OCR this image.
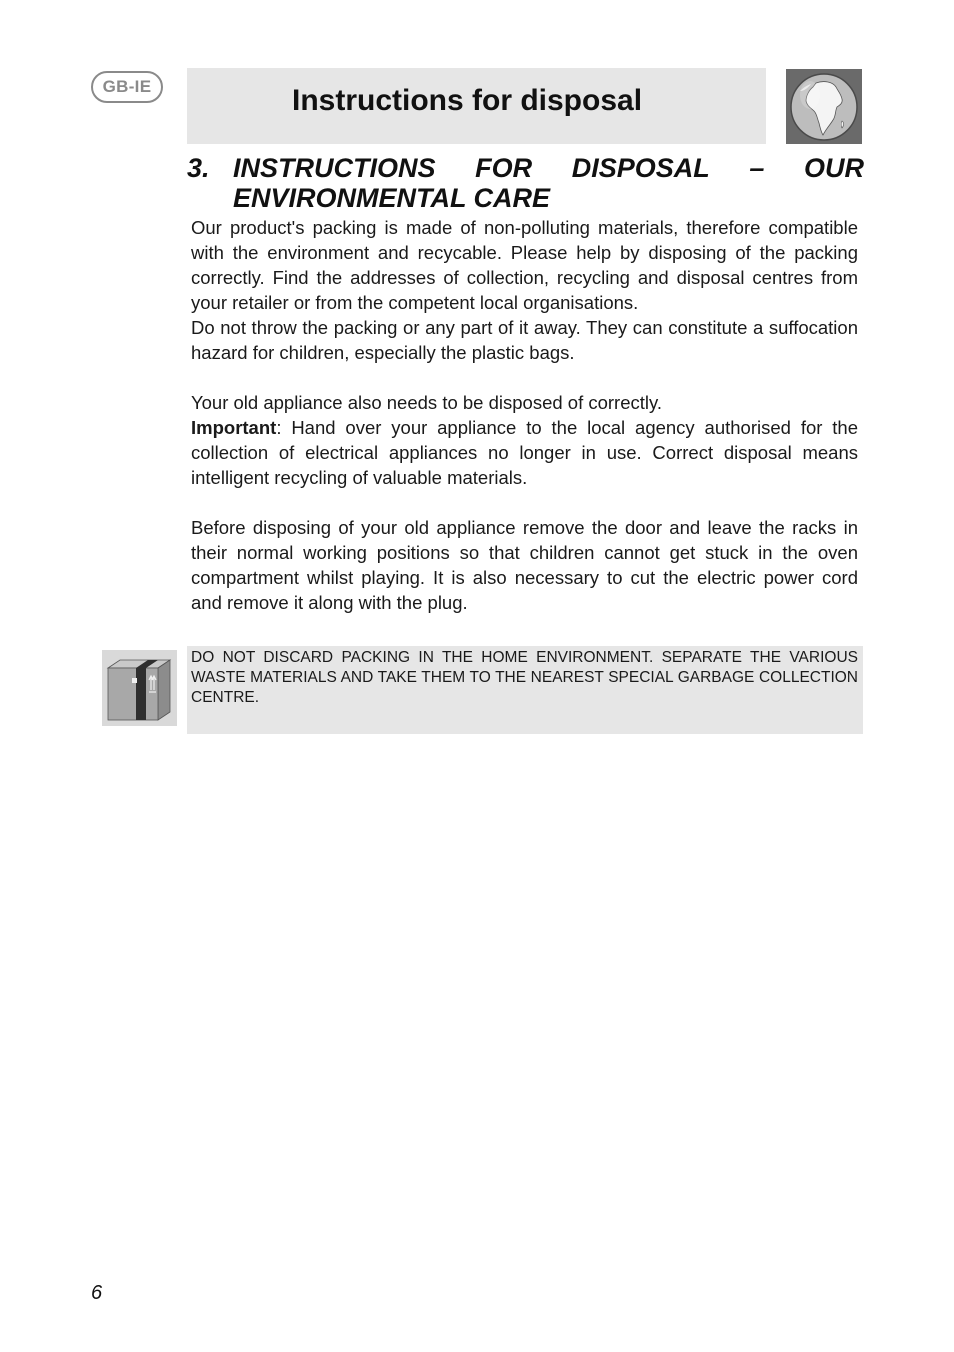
GB-IE	Instructions for disposal
3. INSTRUCTIONS FOR DISPOSAL – OUR
ENVIRONMENTAL CARE

Our product's packing is made of non-polluting materials, therefore compatible with the environment and recycable. Please help by disposing of the packing correctly. Find the addresses of collection, recycling and disposal centres from your retailer or from the competent local organisations.

Do not throw the packing or any part of it away. They can constitute a suffocation hazard for children, especially the plastic bags.

Your old appliance also needs to be disposed of correctly.

Important: Hand over your appliance to the local agency authorised for the collection of electrical appliances no longer in use. Correct disposal means intelligent recycling of valuable materials.

Before disposing of your old appliance remove the door and leave the racks in their normal working positions so that children cannot get stuck in the oven compartment whilst playing. It is also necessary to cut the electric power cord and remove it along with the plug.

DO NOT DISCARD PACKING IN THE HOME ENVIRONMENT. SEPARATE THE VARIOUS WASTE MATERIALS AND TAKE THEM TO THE NEAREST SPECIAL GARBAGE COLLECTION CENTRE.

6
